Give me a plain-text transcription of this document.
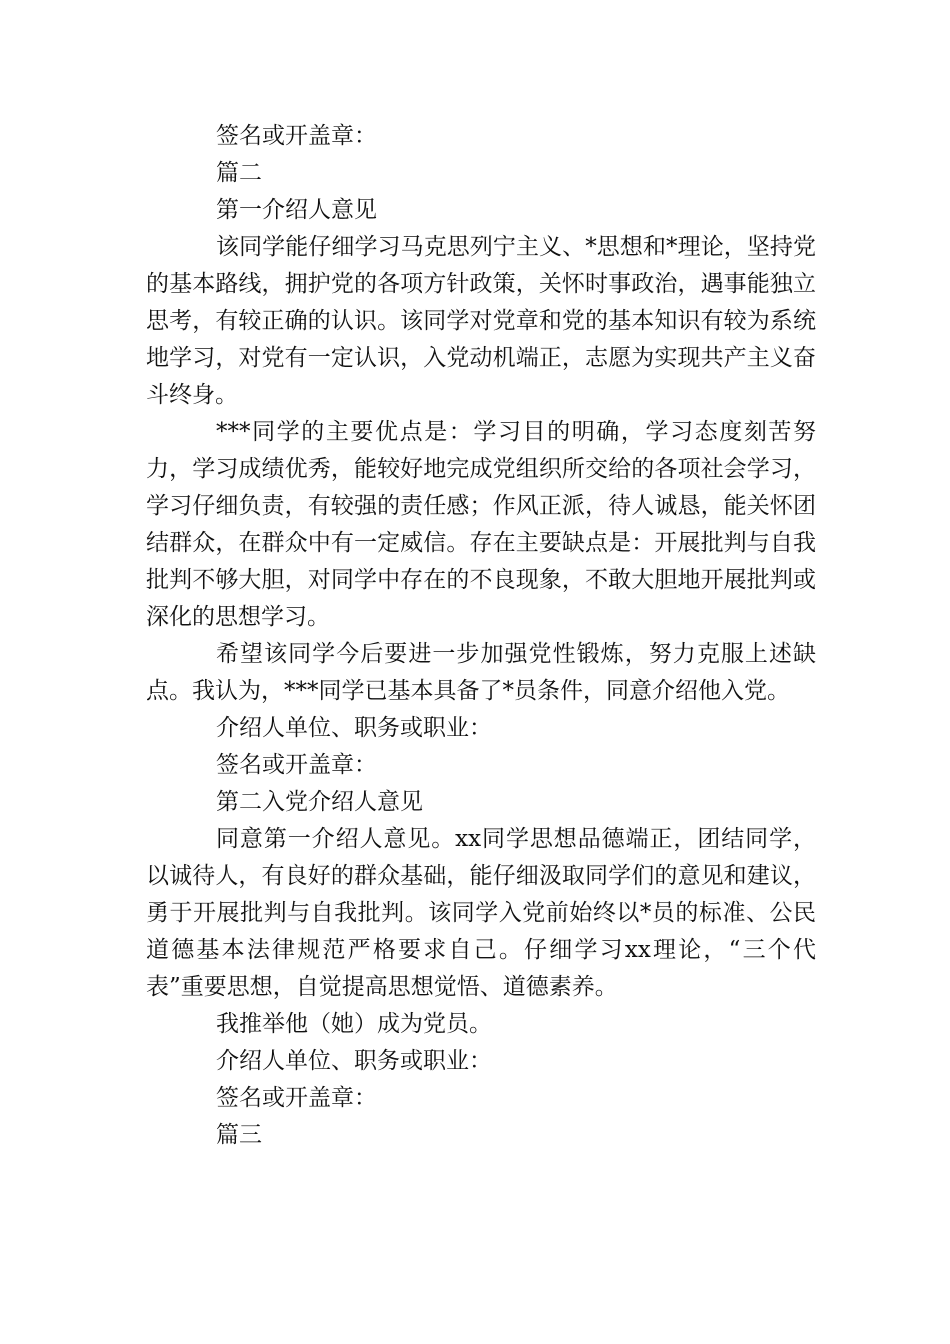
签名或开盖章：

篇二

第一介绍人意见

该同学能仔细学习马克思列宁主义、*思想和*理论，坚持党的基本路线，拥护党的各项方针政策，关怀时事政治，遇事能独立思考，有较正确的认识。该同学对党章和党的基本知识有较为系统地学习，对党有一定认识，入党动机端正，志愿为实现共产主义奋斗终身。

***同学的主要优点是：学习目的明确，学习态度刻苦努力，学习成绩优秀，能较好地完成党组织所交给的各项社会学习，学习仔细负责，有较强的责任感；作风正派，待人诚恳，能关怀团结群众，在群众中有一定威信。存在主要缺点是：开展批判与自我批判不够大胆，对同学中存在的不良现象，不敢大胆地开展批判或深化的思想学习。

希望该同学今后要进一步加强党性锻炼，努力克服上述缺点。我认为，***同学已基本具备了*员条件，同意介绍他入党。

介绍人单位、职务或职业：

签名或开盖章：

第二入党介绍人意见

同意第一介绍人意见。xx同学思想品德端正，团结同学，以诚待人，有良好的群众基础，能仔细汲取同学们的意见和建议，勇于开展批判与自我批判。该同学入党前始终以*员的标准、公民道德基本法律规范严格要求自己。仔细学习xx理论，“三个代表”重要思想，自觉提高思想觉悟、道德素养。

我推举他（她）成为党员。

介绍人单位、职务或职业：

签名或开盖章：

篇三
